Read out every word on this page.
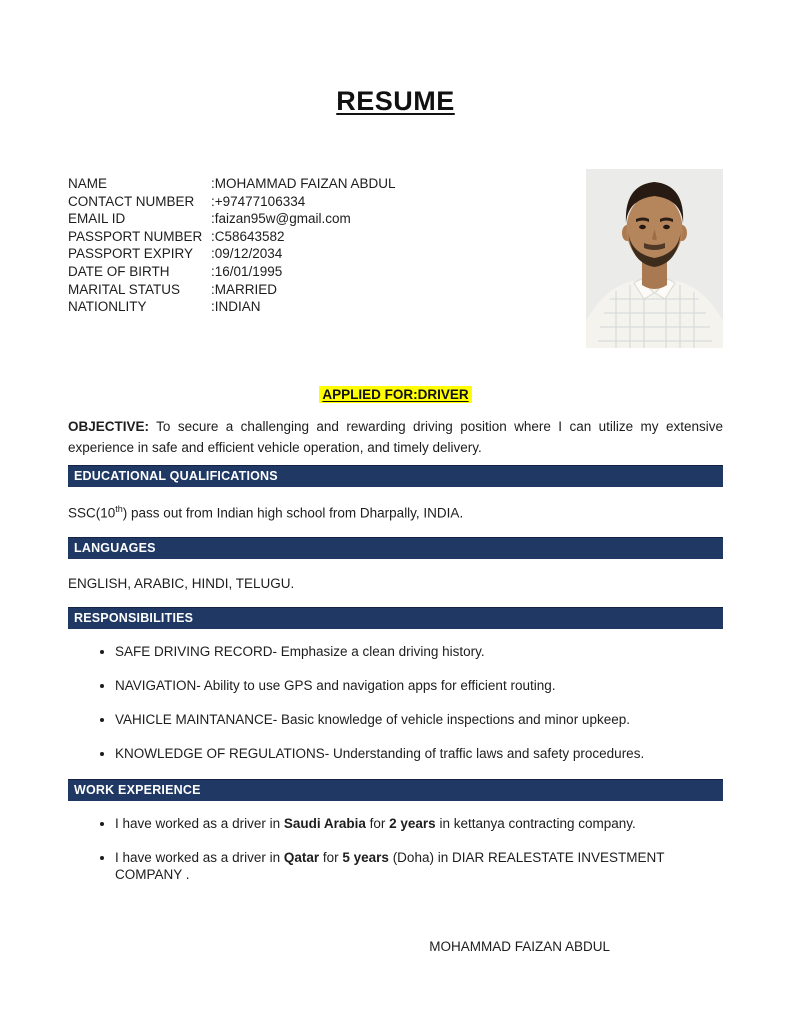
RESUME
NAME	:MOHAMMAD FAIZAN ABDUL
CONTACT NUMBER	:+97477106334
EMAIL ID	:faizan95w@gmail.com
PASSPORT NUMBER :C58643582
PASSPORT EXPIRY	:09/12/2034
DATE OF BIRTH	:16/01/1995
MARITAL STATUS	:MARRIED
NATIONLITY	:INDIAN
APPLIED FOR:DRIVER
OBJECTIVE: To secure a challenging and rewarding driving position where I can utilize my extensive experience in safe and efficient vehicle operation, and timely delivery.
EDUCATIONAL QUALIFICATIONS
SSC(10th) pass out from Indian high school from Dharpally, INDIA.
LANGUAGES
ENGLISH, ARABIC, HINDI, TELUGU.
RESPONSIBILITIES
• SAFE DRIVING RECORD- Emphasize a clean driving history.
• NAVIGATION- Ability to use GPS and navigation apps for efficient routing.
• VAHICLE MAINTANANCE- Basic knowledge of vehicle inspections and minor upkeep.
• KNOWLEDGE OF REGULATIONS- Understanding of traffic laws and safety procedures.
WORK EXPERIENCE
• I have worked as a driver in Saudi Arabia for 2 years in kettanya contracting company.
• I have worked as a driver in Qatar for 5 years (Doha) in DIAR REALESTATE INVESTMENT COMPANY .
MOHAMMAD FAIZAN ABDUL
